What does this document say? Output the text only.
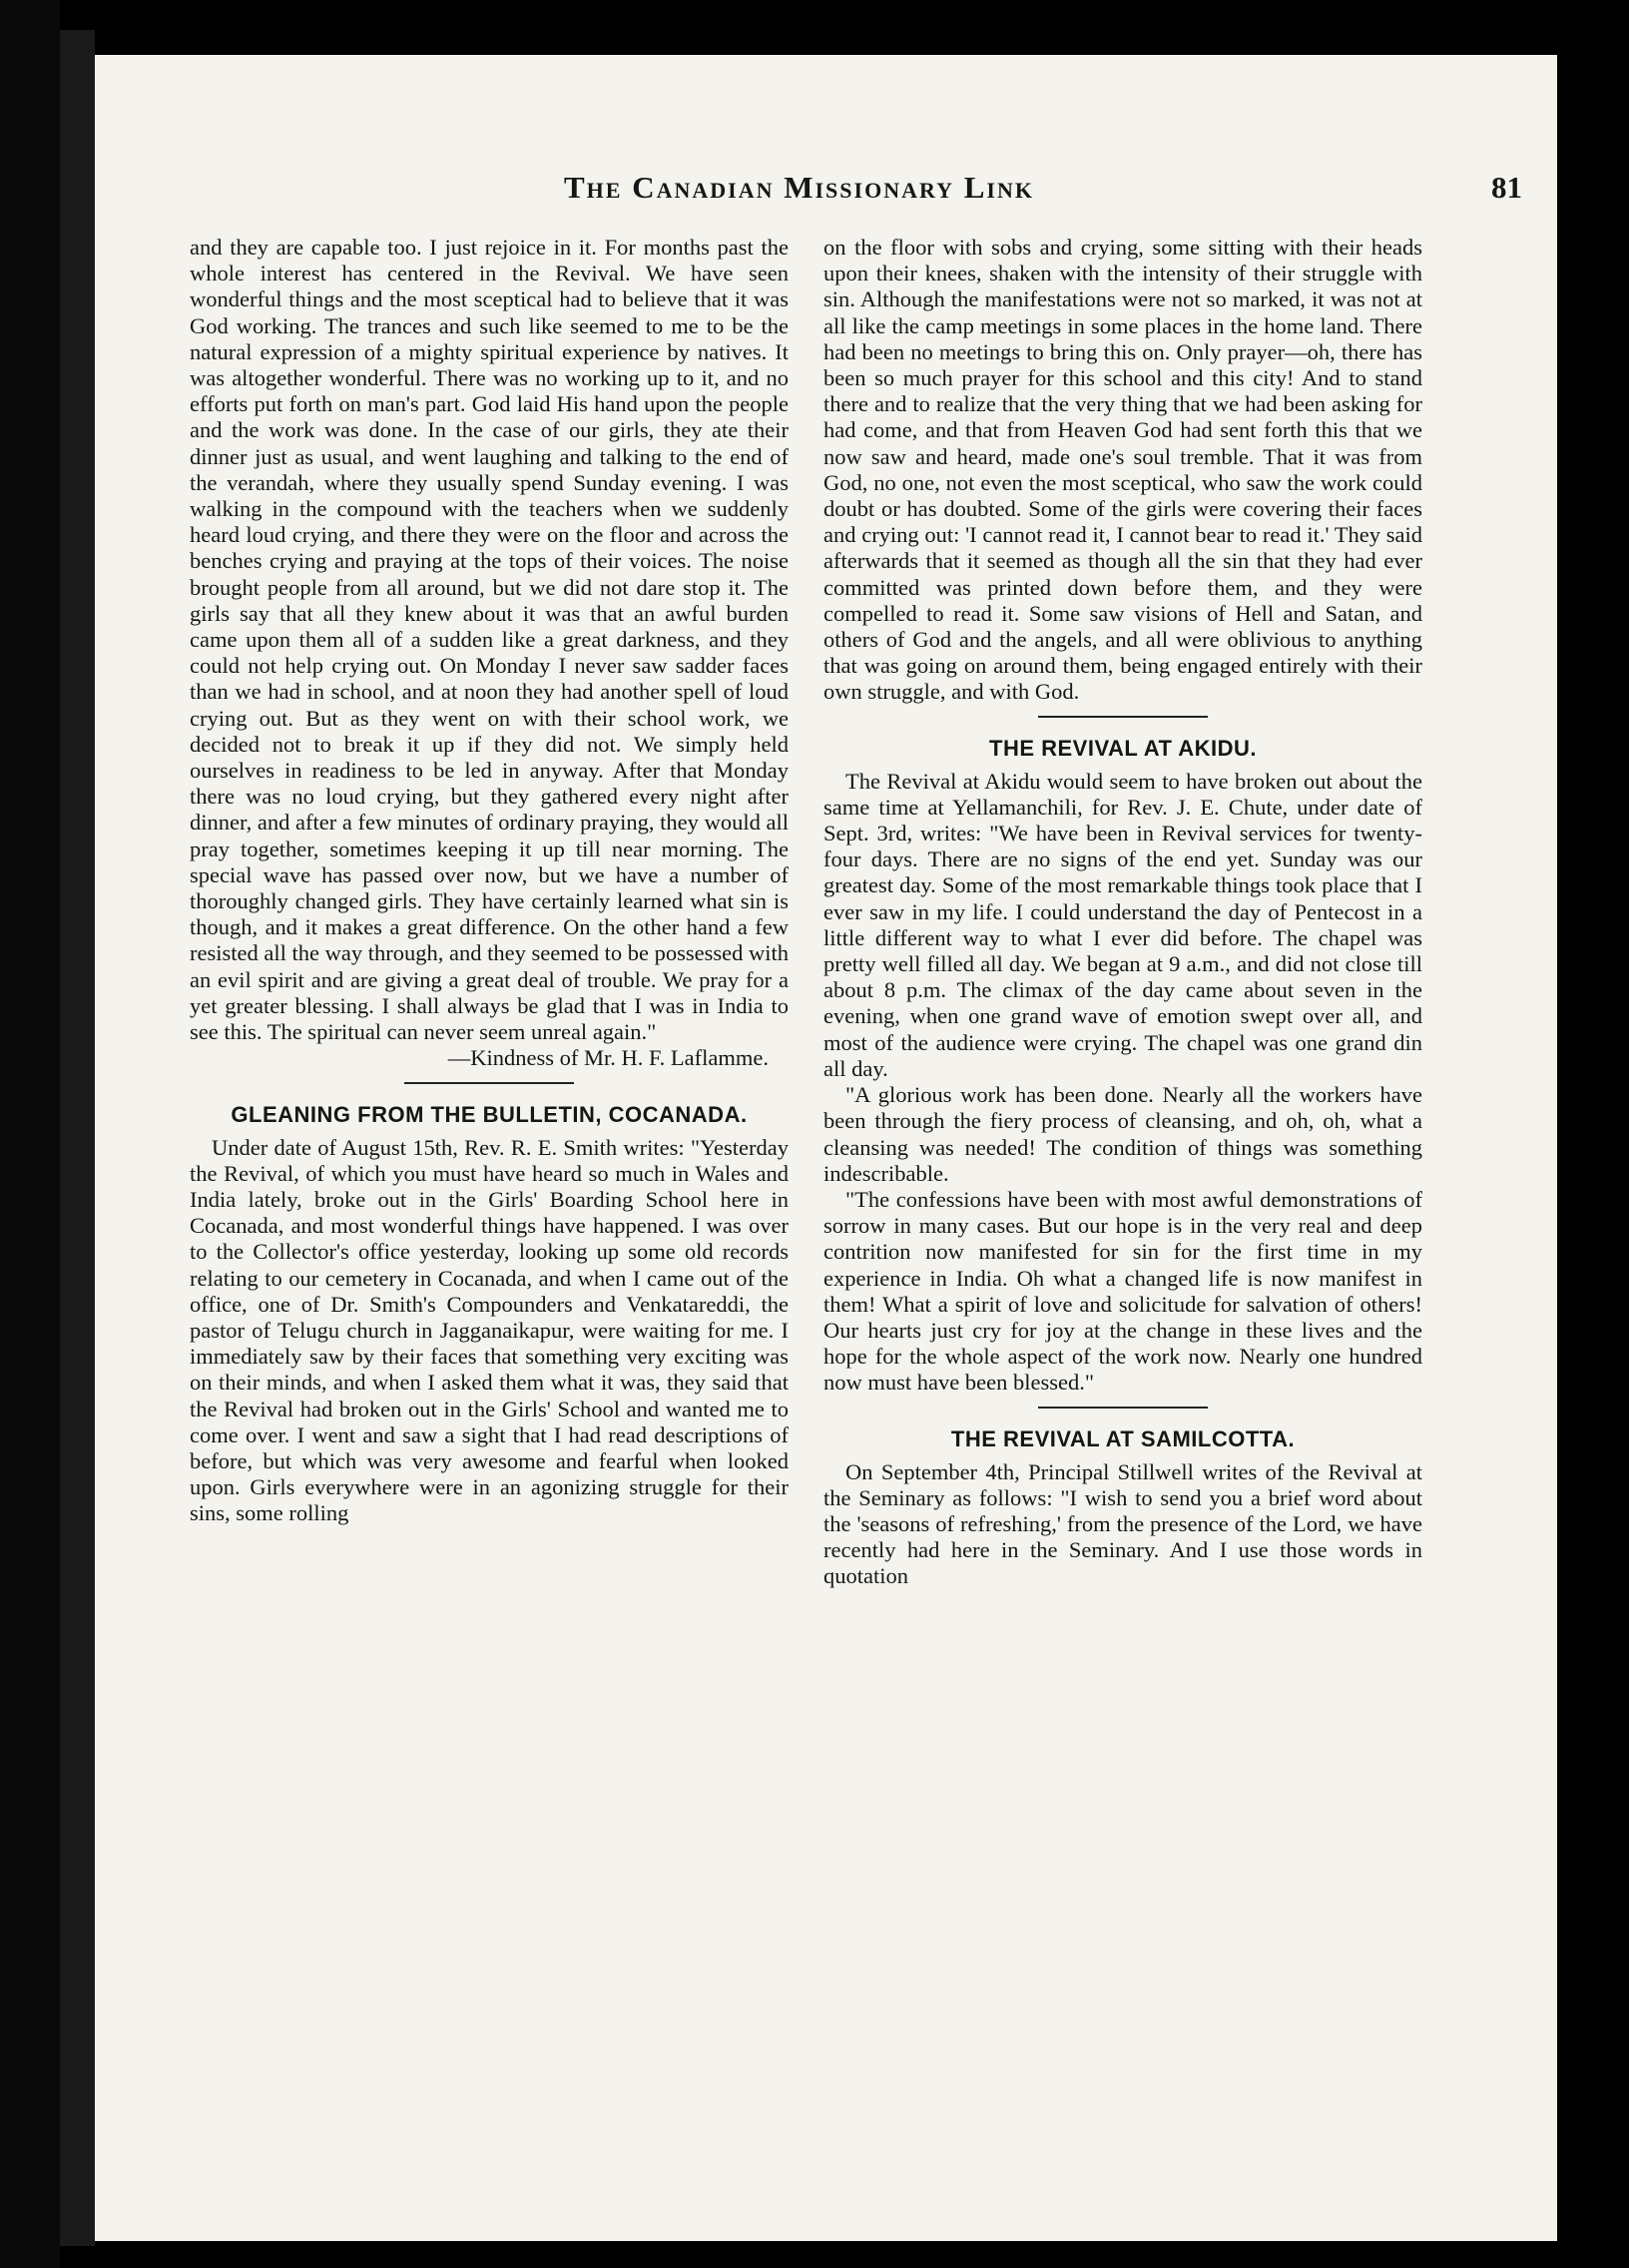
The Canadian Missionary Link	81

and they are capable too. I just rejoice in it. For months past the whole interest has centered in the Revival. We have seen wonderful things and the most sceptical had to believe that it was God working. The trances and such like seemed to me to be the natural expression of a mighty spiritual experience by natives. It was altogether wonderful. There was no working up to it, and no efforts put forth on man's part. God laid His hand upon the people and the work was done. In the case of our girls, they ate their dinner just as usual, and went laughing and talking to the end of the verandah, where they usually spend Sunday evening. I was walking in the compound with the teachers when we suddenly heard loud crying, and there they were on the floor and across the benches crying and praying at the tops of their voices. The noise brought people from all around, but we did not dare stop it. The girls say that all they knew about it was that an awful burden came upon them all of a sudden like a great darkness, and they could not help crying out. On Monday I never saw sadder faces than we had in school, and at noon they had another spell of loud crying out. But as they went on with their school work, we decided not to break it up if they did not. We simply held ourselves in readiness to be led in anyway. After that Monday there was no loud crying, but they gathered every night after dinner, and after a few minutes of ordinary praying, they would all pray together, sometimes keeping it up till near morning. The special wave has passed over now, but we have a number of thoroughly changed girls. They have certainly learned what sin is though, and it makes a great difference. On the other hand a few resisted all the way through, and they seemed to be possessed with an evil spirit and are giving a great deal of trouble. We pray for a yet greater blessing. I shall always be glad that I was in India to see this. The spiritual can never seem unreal again."

—Kindness of Mr. H. F. Laflamme.

GLEANING FROM THE BULLETIN, COCANADA.

Under date of August 15th, Rev. R. E. Smith writes: "Yesterday the Revival, of which you must have heard so much in Wales and India lately, broke out in the Girls' Boarding School here in Cocanada, and most wonderful things have happened. I was over to the Collector's office yesterday, looking up some old records relating to our cemetery in Cocanada, and when I came out of the office, one of Dr. Smith's Compounders and Venkatareddi, the pastor of Telugu church in Jagganaikapur, were waiting for me. I immediately saw by their faces that something very exciting was on their minds, and when I asked them what it was, they said that the Revival had broken out in the Girls' School and wanted me to come over. I went and saw a sight that I had read descriptions of before, but which was very awesome and fearful when looked upon. Girls everywhere were in an agonizing struggle for their sins, some rolling

on the floor with sobs and crying, some sitting with their heads upon their knees, shaken with the intensity of their struggle with sin. Although the manifestations were not so marked, it was not at all like the camp meetings in some places in the home land. There had been no meetings to bring this on. Only prayer—oh, there has been so much prayer for this school and this city! And to stand there and to realize that the very thing that we had been asking for had come, and that from Heaven God had sent forth this that we now saw and heard, made one's soul tremble. That it was from God, no one, not even the most sceptical, who saw the work could doubt or has doubted. Some of the girls were covering their faces and crying out: 'I cannot read it, I cannot bear to read it.' They said afterwards that it seemed as though all the sin that they had ever committed was printed down before them, and they were compelled to read it. Some saw visions of Hell and Satan, and others of God and the angels, and all were oblivious to anything that was going on around them, being engaged entirely with their own struggle, and with God.

THE REVIVAL AT AKIDU.

The Revival at Akidu would seem to have broken out about the same time at Yellamanchili, for Rev. J. E. Chute, under date of Sept. 3rd, writes: "We have been in Revival services for twenty-four days. There are no signs of the end yet. Sunday was our greatest day. Some of the most remarkable things took place that I ever saw in my life. I could understand the day of Pentecost in a little different way to what I ever did before. The chapel was pretty well filled all day. We began at 9 a.m., and did not close till about 8 p.m. The climax of the day came about seven in the evening, when one grand wave of emotion swept over all, and most of the audience were crying. The chapel was one grand din all day.

"A glorious work has been done. Nearly all the workers have been through the fiery process of cleansing, and oh, oh, what a cleansing was needed! The condition of things was something indescribable.

"The confessions have been with most awful demonstrations of sorrow in many cases. But our hope is in the very real and deep contrition now manifested for sin for the first time in my experience in India. Oh what a changed life is now manifest in them! What a spirit of love and solicitude for salvation of others! Our hearts just cry for joy at the change in these lives and the hope for the whole aspect of the work now. Nearly one hundred now must have been blessed."

THE REVIVAL AT SAMILCOTTA.

On September 4th, Principal Stillwell writes of the Revival at the Seminary as follows: "I wish to send you a brief word about the 'seasons of refreshing,' from the presence of the Lord, we have recently had here in the Seminary. And I use those words in quotation
